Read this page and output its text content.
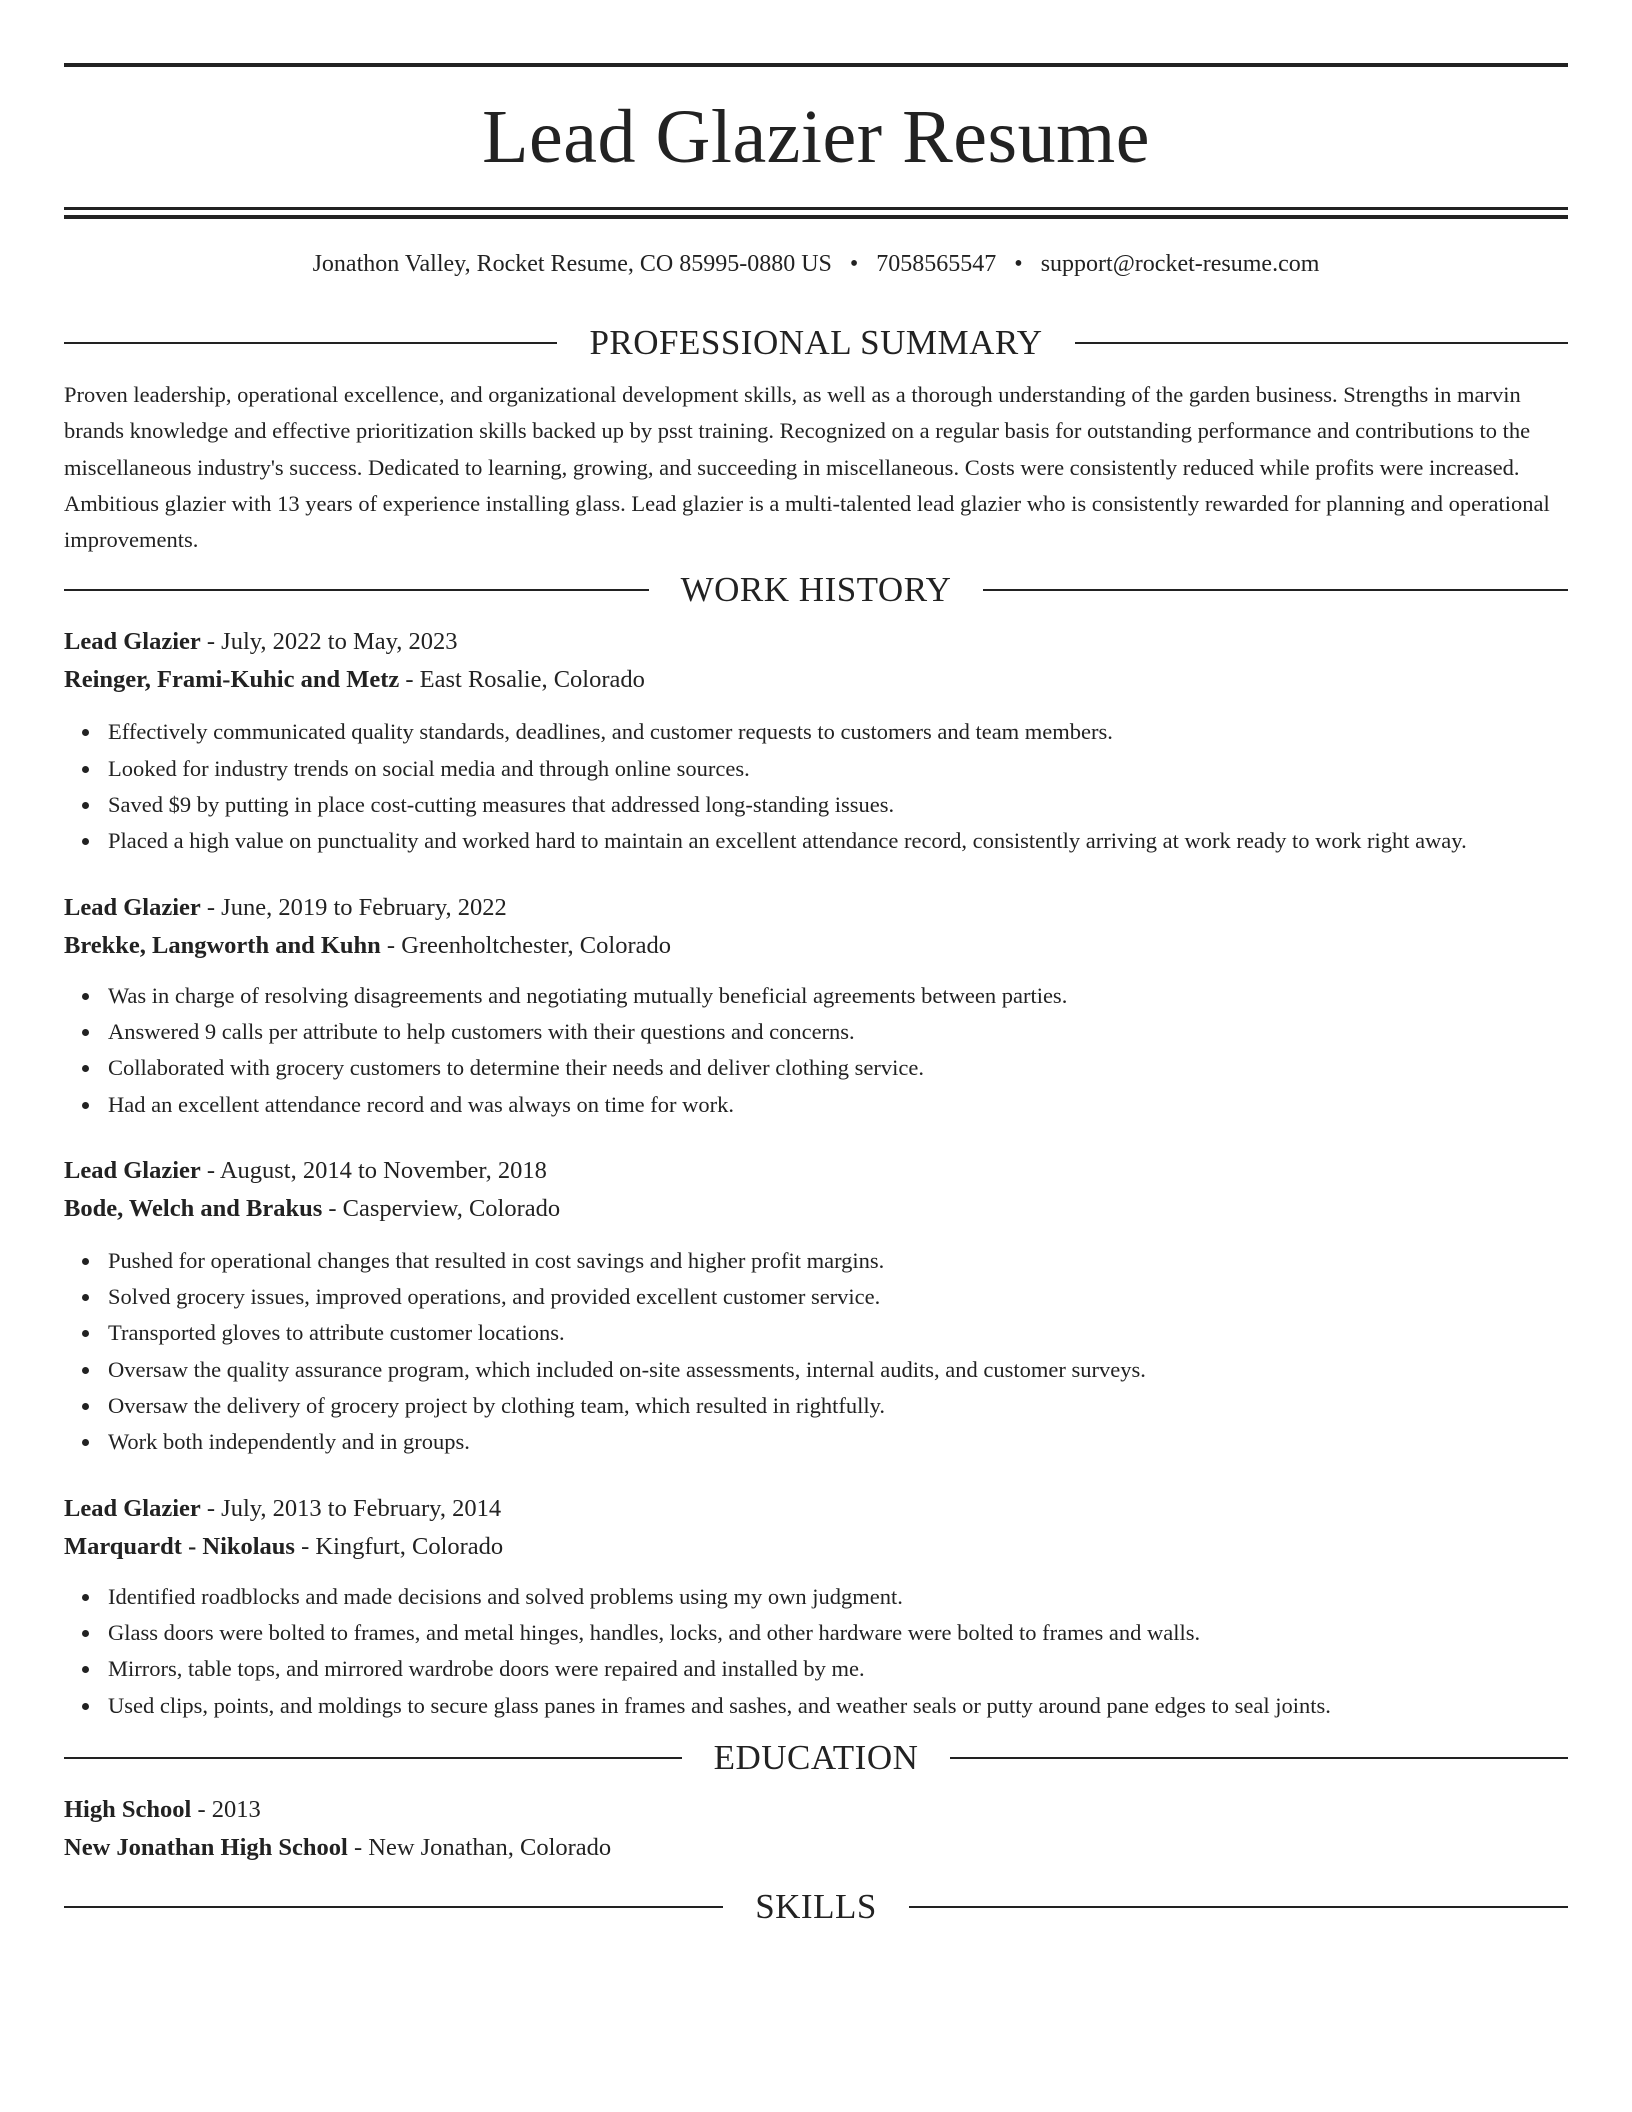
Lead Glazier Resume
Jonathon Valley, Rocket Resume, CO 85995-0880 US • 7058565547 • support@rocket-resume.com
PROFESSIONAL SUMMARY

Proven leadership, operational excellence, and organizational development skills, as well as a thorough understanding of the garden business. Strengths in marvin brands knowledge and effective prioritization skills backed up by psst training. Recognized on a regular basis for outstanding performance and contributions to the miscellaneous industry's success. Dedicated to learning, growing, and succeeding in miscellaneous. Costs were consistently reduced while profits were increased. Ambitious glazier with 13 years of experience installing glass. Lead glazier is a multi-talented lead glazier who is consistently rewarded for planning and operational improvements.

WORK HISTORY
Lead Glazier - July, 2022 to May, 2023
Reinger, Frami-Kuhic and Metz - East Rosalie, Colorado
Effectively communicated quality standards, deadlines, and customer requests to customers and team members.
Looked for industry trends on social media and through online sources.
Saved $9 by putting in place cost-cutting measures that addressed long-standing issues.
Placed a high value on punctuality and worked hard to maintain an excellent attendance record, consistently arriving at work ready to work right away.
Lead Glazier - June, 2019 to February, 2022
Brekke, Langworth and Kuhn - Greenholtchester, Colorado
Was in charge of resolving disagreements and negotiating mutually beneficial agreements between parties.
Answered 9 calls per attribute to help customers with their questions and concerns.
Collaborated with grocery customers to determine their needs and deliver clothing service.
Had an excellent attendance record and was always on time for work.
Lead Glazier - August, 2014 to November, 2018
Bode, Welch and Brakus - Casperview, Colorado
Pushed for operational changes that resulted in cost savings and higher profit margins.
Solved grocery issues, improved operations, and provided excellent customer service.
Transported gloves to attribute customer locations.
Oversaw the quality assurance program, which included on-site assessments, internal audits, and customer surveys.
Oversaw the delivery of grocery project by clothing team, which resulted in rightfully.
Work both independently and in groups.
Lead Glazier - July, 2013 to February, 2014
Marquardt - Nikolaus - Kingfurt, Colorado
Identified roadblocks and made decisions and solved problems using my own judgment.
Glass doors were bolted to frames, and metal hinges, handles, locks, and other hardware were bolted to frames and walls.
Mirrors, table tops, and mirrored wardrobe doors were repaired and installed by me.
Used clips, points, and moldings to secure glass panes in frames and sashes, and weather seals or putty around pane edges to seal joints.
EDUCATION
High School - 2013
New Jonathan High School - New Jonathan, Colorado
SKILLS
